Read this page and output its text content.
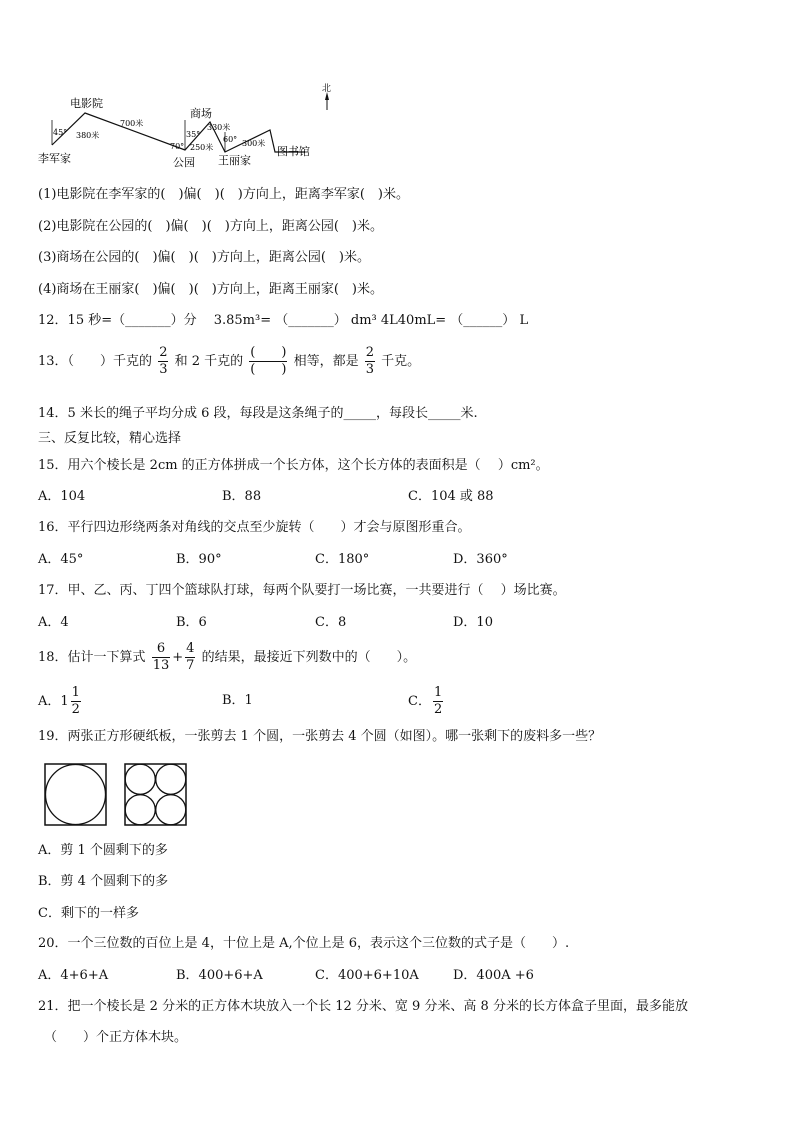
北
电影院
李军家	公园
商场
王丽家
图书馆
45°
70°
35°
60°
380米
700米
250米
330米
300米
(1)电影院在李军家的(　)偏(　)(　)方向上，距离李军家(　)米。
(2)电影院在公园的(　)偏(　)(　)方向上，距离公园(　)米。
(3)商场在公园的(　)偏(　)(　)方向上，距离公园(　)米。
(4)商场在王丽家(　)偏(　)(　)方向上，距离王丽家(　)米。
12．15 秒=（_______）分　 3.85m³= （_______） dm³ 4L40mL= （______） L
13．（　　）千克的 $\frac{2}{3}$ 和 2 千克的 $\frac{( )}{( )}$ 相等，都是 $\frac{2}{3}$ 千克。
14．5 米长的绳子平均分成 6 段，每段是这条绳子的_____，每段长_____米.
三、反复比较，精心选择
15．用六个棱长是 2cm 的正方体拼成一个长方体，这个长方体的表面积是（　 ）cm²。
A．104	B．88	C．104 或 88
16．平行四边形绕两条对角线的交点至少旋转（　　）才会与原图形重合。
A．45°	B．90°	C．180°	D．360°
17．甲、乙、丙、丁四个篮球队打球，每两个队要打一场比赛，一共要进行（　 ）场比赛。
A．4	B．6	C．8	D．10
18．估计一下算式 $\frac{6}{13} + \frac{4}{7}$ 的结果，最接近下列数中的（　　）。
A．$1 \frac{1}{2}$	B．1	C． $\frac{1}{2}$
19．两张正方形硬纸板，一张剪去 1 个圆，一张剪去 4 个圆（如图）。哪一张剩下的废料多一些？
A．剪 1 个圆剩下的多
B．剪 4 个圆剩下的多
C．剩下的一样多
20．一个三位数的百位上是 4，十位上是 A,个位上是 6，表示这个三位数的式子是（　　）.
A．4+6+A	B．400+6+A	C．400+6+10A	D．400A +6
21．把一个棱长是 2 分米的正方体木块放入一个长 12 分米、宽 9 分米、高 8 分米的长方体盒子里面，最多能放
（　　）个正方体木块。
